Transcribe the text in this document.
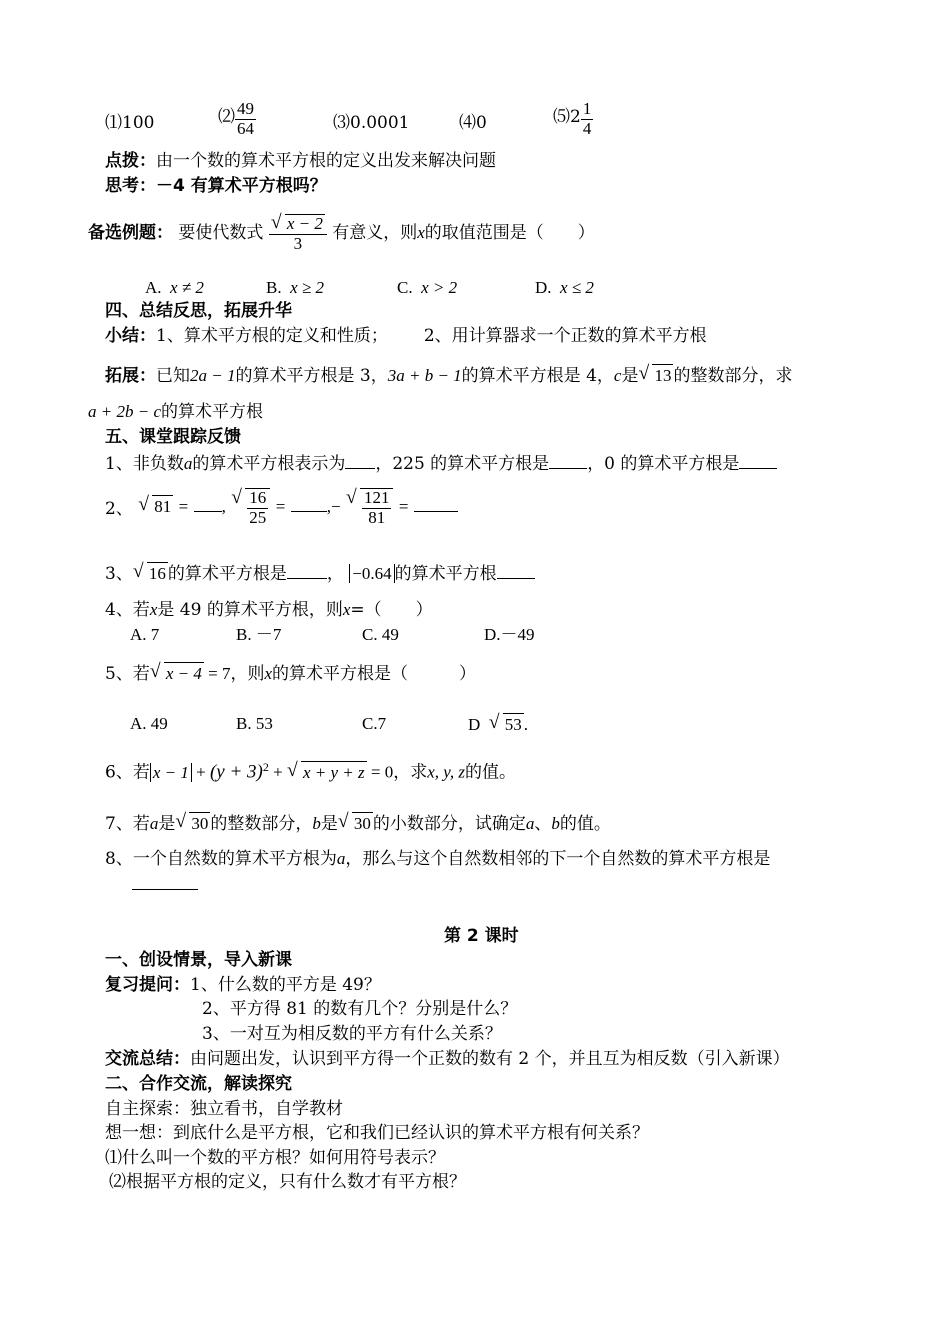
⑴100	⑵ $\frac{49}{64}$	⑶0.0001	⑷0	⑸2 $\frac{1}{4}$
点拨：由一个数的算术平方根的定义出发来解决问题
思考：－4 有算术平方根吗？
备选例题： 要使代数式 √ $\frac{x - 2}{3}$ 有意义，则x的取值范围是（　　）
A. x ≠ 2	B. x ≥ 2	C. x > 2	D. x ≤ 2
四、总结反思，拓展升华
小结：1、算术平方根的定义和性质； 2、用计算器求一个正数的算术平方根
拓展：已知2a − 1的算术平方根是 3，3a + b − 1的算术平方根是 4，c是 √ 13 的整数部分，求
a + 2b − c的算术平方根
五、课堂跟踪反馈
1、非负数a的算术平方根表示为 ，225 的算术平方根是 ，0 的算术平方根是
2、 √ 81 = , √ $\frac{16}{25}$ = ,− √ $\frac{121}{81}$ =
3、 √ 16 的算术平方根是 ， −0.64 的算术平方根
4、若x是 49 的算术平方根，则x=（　　）
A. 7	B. －7	C. 49	D.－49
5、若 √ x − 4 = 7，则x的算术平方根是（　　　）
A. 49	B. 53	C.7	D √ 53 .
6、若 $x - 1 + (y + 3)^2$ + √ x + y + z = 0，求x, y, z的值。
7、若a是 √ 30 的整数部分，b是 √ 30 的小数部分，试确定a、b的值。
8、一个自然数的算术平方根为a，那么与这个自然数相邻的下一个自然数的算术平方根是
第 2 课时
一、创设情景，导入新课
复习提问：1、什么数的平方是 49？
2、平方得 81 的数有几个？分别是什么？
3、一对互为相反数的平方有什么关系？
交流总结：由问题出发，认识到平方得一个正数的数有 2 个，并且互为相反数（引入新课）
二、合作交流，解读探究
自主探索：独立看书，自学教材
想一想：到底什么是平方根，它和我们已经认识的算术平方根有何关系？
⑴什么叫一个数的平方根？如何用符号表示？
⑵根据平方根的定义，只有什么数才有平方根？
